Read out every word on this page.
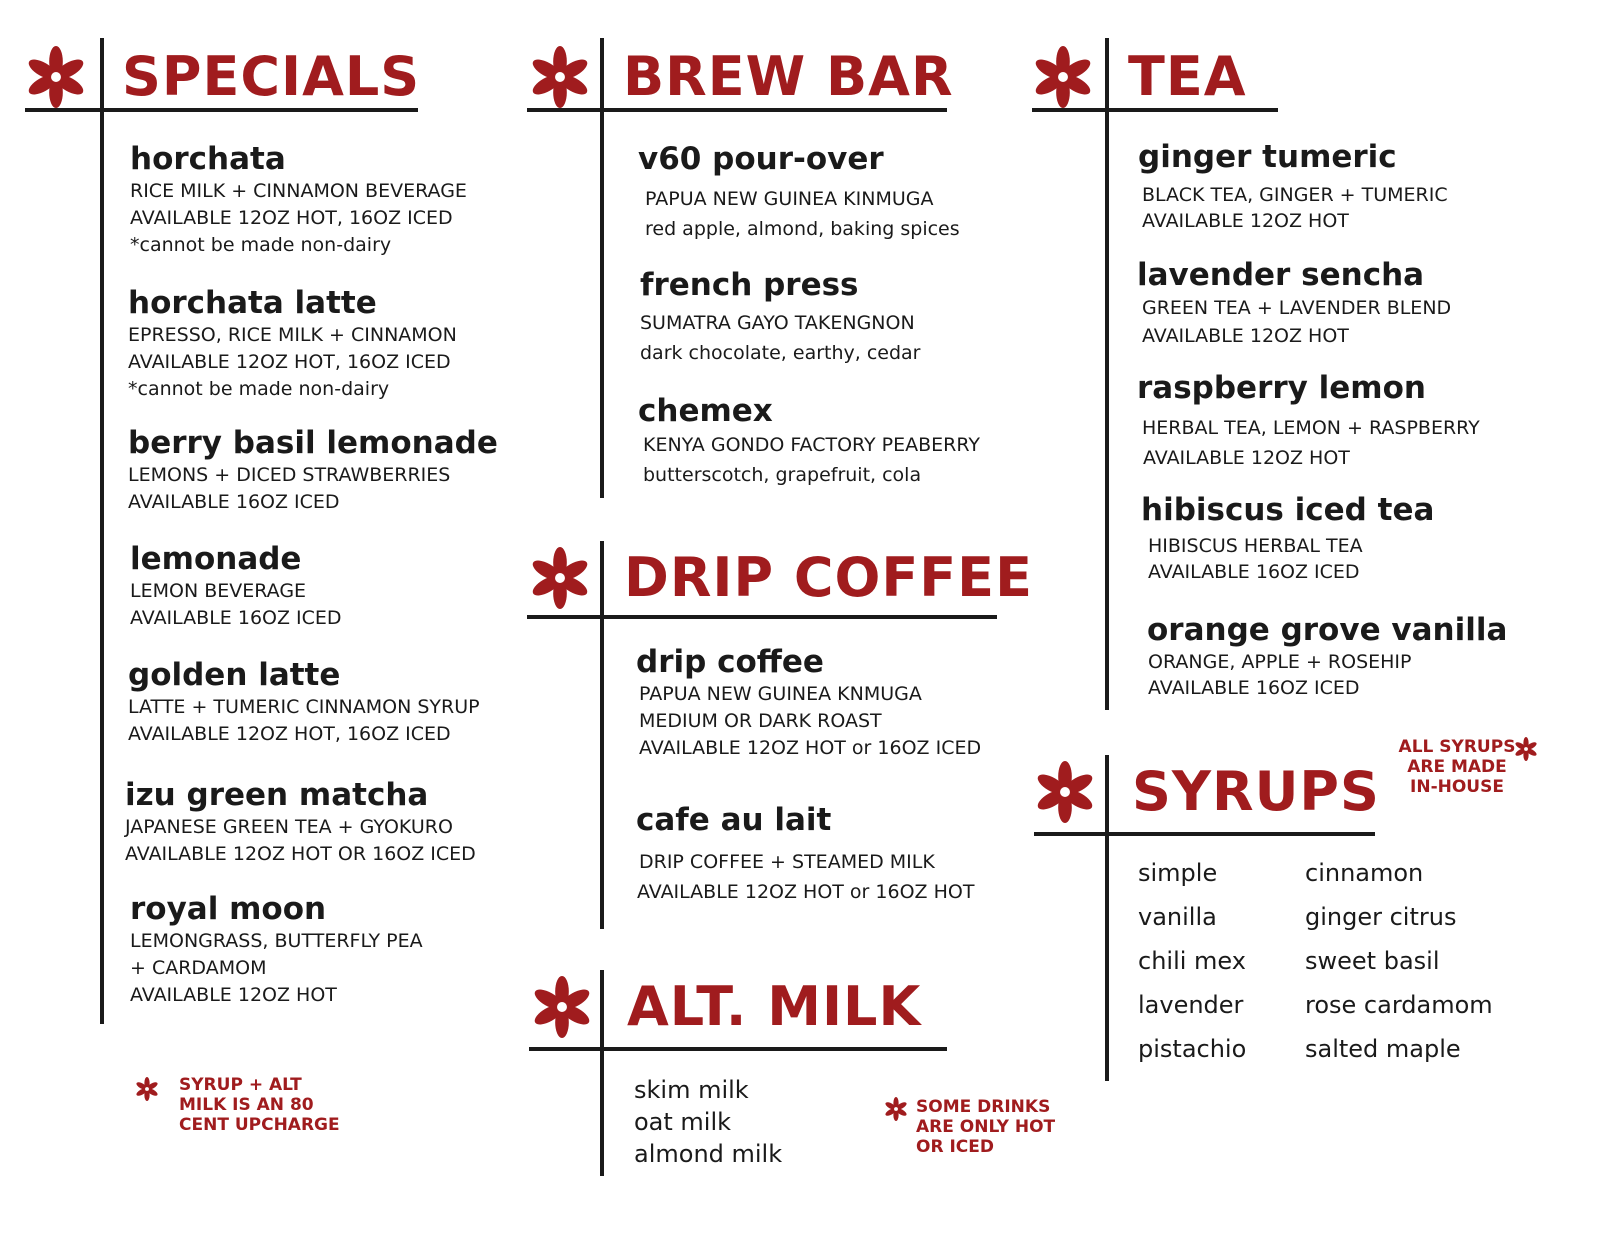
SPECIALS
horchata
RICE MILK + CINNAMON BEVERAGE
AVAILABLE 12OZ HOT, 16OZ ICED
*cannot be made non-dairy
horchata latte
EPRESSO, RICE MILK + CINNAMON
AVAILABLE 12OZ HOT, 16OZ ICED
*cannot be made non-dairy
berry basil lemonade
LEMONS + DICED STRAWBERRIES
AVAILABLE 16OZ ICED
lemonade
LEMON BEVERAGE
AVAILABLE 16OZ ICED
golden latte
LATTE + TUMERIC CINNAMON SYRUP
AVAILABLE 12OZ HOT, 16OZ ICED
izu green matcha
JAPANESE GREEN TEA + GYOKURO
AVAILABLE 12OZ HOT OR 16OZ ICED
royal moon
LEMONGRASS, BUTTERFLY PEA
+ CARDAMOM
AVAILABLE 12OZ HOT
SYRUP + ALT
MILK IS AN 80
CENT UPCHARGE
BREW BAR
v60 pour-over
PAPUA NEW GUINEA KINMUGA
red apple, almond, baking spices
french press
SUMATRA GAYO TAKENGNON
dark chocolate, earthy, cedar
chemex
KENYA GONDO FACTORY PEABERRY
butterscotch, grapefruit, cola
DRIP COFFEE
drip coffee
PAPUA NEW GUINEA KNMUGA
MEDIUM OR DARK ROAST
AVAILABLE 12OZ HOT or 16OZ ICED
cafe au lait
DRIP COFFEE + STEAMED MILK
AVAILABLE 12OZ HOT or 16OZ HOT
ALT. MILK
skim milk
oat milk
almond milk
SOME DRINKS
ARE ONLY HOT
OR ICED
TEA
ginger tumeric
BLACK TEA, GINGER + TUMERIC
AVAILABLE 12OZ HOT
lavender sencha
GREEN TEA + LAVENDER BLEND
AVAILABLE 12OZ HOT
raspberry lemon
HERBAL TEA, LEMON + RASPBERRY
AVAILABLE 12OZ HOT
hibiscus iced tea
HIBISCUS HERBAL TEA
AVAILABLE 16OZ ICED
orange grove vanilla
ORANGE, APPLE + ROSEHIP
AVAILABLE 16OZ ICED
SYRUPS
simple
vanilla
chili mex
lavender
pistachio
cinnamon
ginger citrus
sweet basil
rose cardamom
salted maple
ALL SYRUPS
ARE MADE
IN-HOUSE
